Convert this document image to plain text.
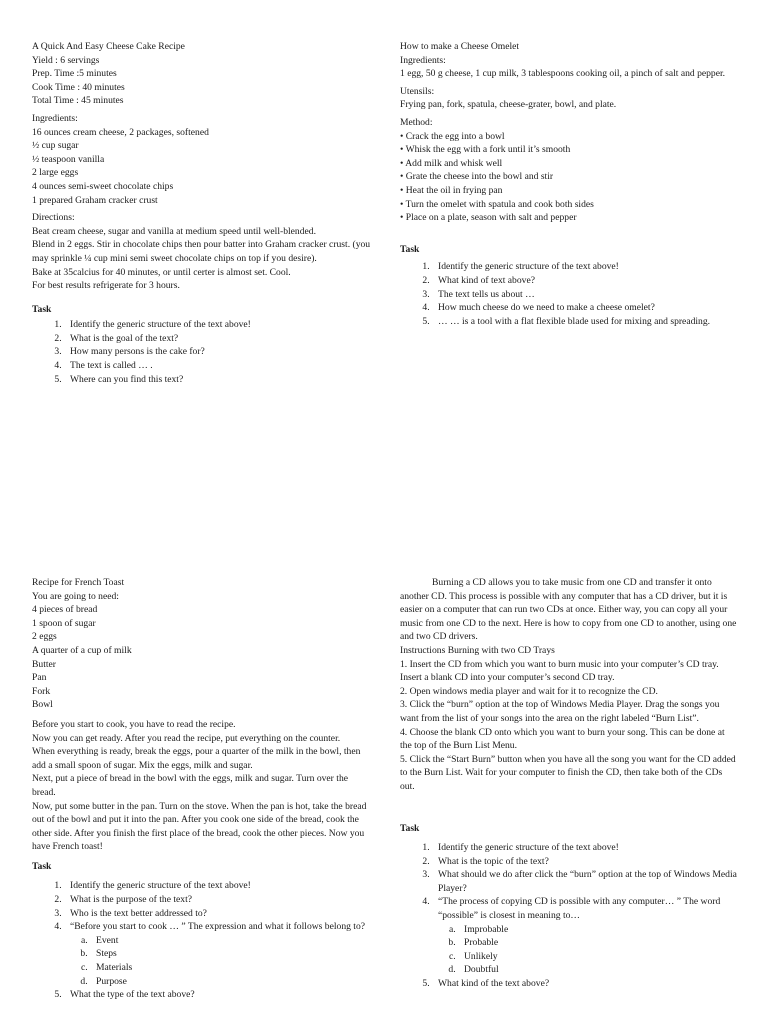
A Quick And Easy Cheese Cake Recipe
Yield : 6 servings
Prep. Time :5 minutes
Cook Time : 40 minutes
Total Time : 45 minutes
Ingredients:
16 ounces cream cheese, 2 packages, softened
½ cup sugar
½ teaspoon vanilla
2 large eggs
4 ounces semi-sweet chocolate chips
1 prepared Graham cracker crust
Directions:
Beat cream cheese, sugar and vanilla at medium speed until well-blended.
Blend in 2 eggs. Stir in chocolate chips then pour batter into Graham cracker crust. (you may sprinkle ¼ cup mini semi sweet chocolate chips on top if you desire).
Bake at 35calcius for 40 minutes, or until certer is almost set. Cool.
For best results refrigerate for 3 hours.
Task
1. Identify the generic structure of the text above!
2. What is the goal of the text?
3. How many persons is the cake for?
4. The text is called … .
5. Where can you find this text?
How to make a Cheese Omelet
Ingredients:
1 egg, 50 g cheese, 1 cup milk, 3 tablespoons cooking oil, a pinch of salt and pepper.
Utensils:
Frying pan, fork, spatula, cheese-grater, bowl, and plate.
Method:
• Crack the egg into a bowl
• Whisk the egg with a fork until it’s smooth
• Add milk and whisk well
• Grate the cheese into the bowl and stir
• Heat the oil in frying pan
• Turn the omelet with spatula and cook both sides
• Place on a plate, season with salt and pepper
Task
1. Identify the generic structure of the text above!
2. What kind of text above?
3. The text tells us about …
4. How much cheese do we need to make a cheese omelet?
5. … … is a tool with a flat flexible blade used for mixing and spreading.
Recipe for French Toast
You are going to need:
4 pieces of bread
1 spoon of sugar
2 eggs
A quarter of a cup of milk
Butter
Pan
Fork
Bowl
Before you start to cook, you have to read the recipe.
Now you can get ready. After you read the recipe, put everything on the counter.
When everything is ready, break the eggs, pour a quarter of the milk in the bowl, then add a small spoon of sugar. Mix the eggs, milk and sugar.
Next, put a piece of bread in the bowl with the eggs, milk and sugar. Turn over the bread.
Now, put some butter in the pan. Turn on the stove. When the pan is hot, take the bread out of the bowl and put it into the pan. After you cook one side of the bread, cook the other side. After you finish the first place of the bread, cook the other pieces. Now you have French toast!
Task
1. Identify the generic structure of the text above!
2. What is the purpose of the text?
3. Who is the text better addressed to?
4. “Before you start to cook … ” The expression and what it follows belong to?
a. Event
b. Steps
c. Materials
d. Purpose
5. What the type of the text above?
Burning a CD allows you to take music from one CD and transfer it onto another CD. This process is possible with any computer that has a CD driver, but it is easier on a computer that can run two CDs at once. Either way, you can copy all your music from one CD to the next. Here is how to copy from one CD to another, using one and two CD drivers.
Instructions Burning with two CD Trays
1. Insert the CD from which you want to burn music into your computer’s CD tray. Insert a blank CD into your computer’s second CD tray.
2. Open windows media player and wait for it to recognize the CD.
3. Click the “burn” option at the top of Windows Media Player. Drag the songs you want from the list of your songs into the area on the right labeled “Burn List”.
4. Choose the blank CD onto which you want to burn your song. This can be done at the top of the Burn List Menu.
5. Click the “Start Burn” button when you have all the song you want for the CD added to the Burn List. Wait for your computer to finish the CD, then take both of the CDs out.
Task
1. Identify the generic structure of the text above!
2. What is the topic of the text?
3. What should we do after click the “burn” option at the top of Windows Media Player?
4. “The process of copying CD is possible with any computer… ” The word “possible” is closest in meaning to…
a. Improbable
b. Probable
c. Unlikely
d. Doubtful
5. What kind of the text above?
